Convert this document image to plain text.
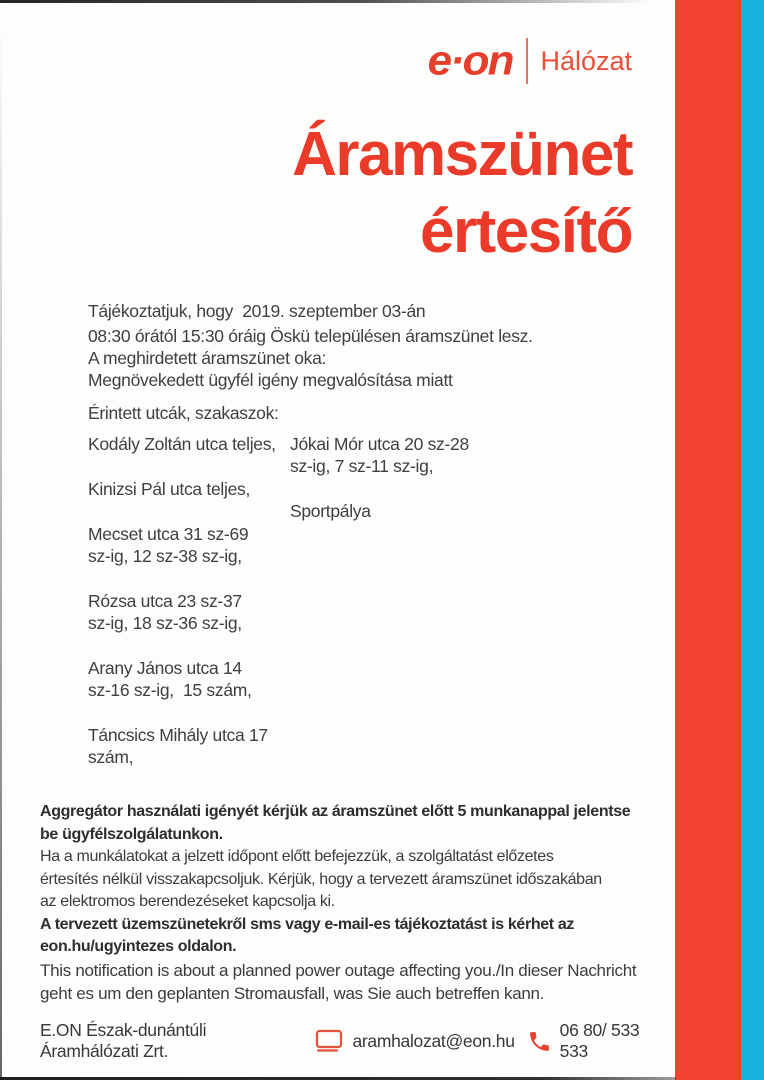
e·on	Hálózat
Áramszünet
értesítő
Tájékoztatjuk, hogy  2019. szeptember 03-án
08:30 órától 15:30 óráig Öskü településen áramszünet lesz.
A meghirdetett áramszünet oka:
Megnövekedett ügyfél igény megvalósítása miatt
Érintett utcák, szakaszok:

Kodály Zoltán utca teljes,

Kinizsi Pál utca teljes,

Mecset utca 31 sz-69
sz-ig, 12 sz-38 sz-ig,

Rózsa utca 23 sz-37
sz-ig, 18 sz-36 sz-ig,

Arany János utca 14
sz-16 sz-ig,  15 szám,

Táncsics Mihály utca 17
szám,

Jókai Mór utca 20 sz-28
sz-ig, 7 sz-11 sz-ig,

Sportpálya

Aggregátor használati igényét kérjük az áramszünet előtt 5 munkanappal jelentse
be ügyfélszolgálatunkon.

Ha a munkálatokat a jelzett időpont előtt befejezzük, a szolgáltatást előzetes
értesítés nélkül visszakapcsoljuk. Kérjük, hogy a tervezett áramszünet időszakában
az elektromos berendezéseket kapcsolja ki.

A tervezett üzemszünetekről sms vagy e-mail-es tájékoztatást is kérhet az
eon.hu/ugyintezes oldalon.

This notification is about a planned power outage affecting you./In dieser Nachricht
geht es um den geplanten Stromausfall, was Sie auch betreffen kann.
E.ON Észak-dunántúli Áramhálózati Zrt.
aramhalozat@eon.hu
06 80/ 533 533
